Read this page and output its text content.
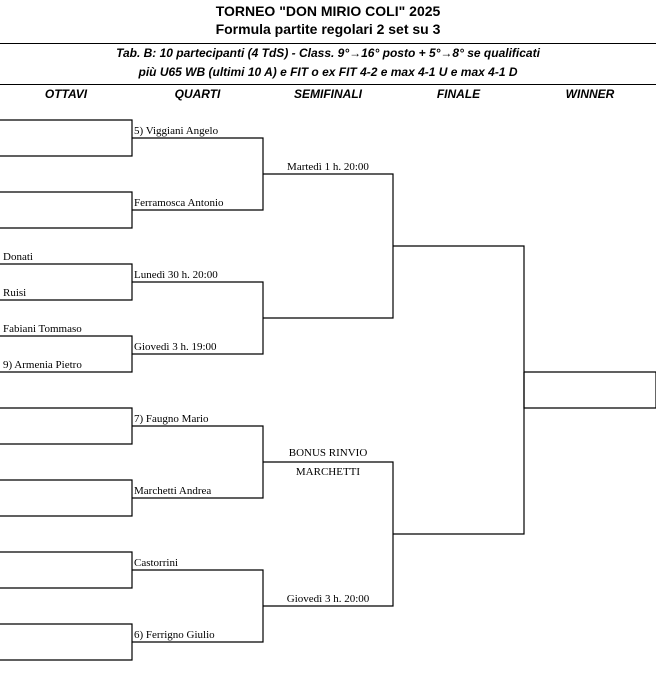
TORNEO "DON MIRIO COLI" 2025
Formula partite regolari 2 set su 3
Tab. B: 10 partecipanti (4 TdS) - Class. 9°→16° posto + 5°→8° se qualificati
più U65 WB (ultimi 10 A) e FIT o ex FIT 4-2 e max 4-1 U e max 4-1 D
OTTAVI	QUARTI	SEMIFINALI	FINALE	WINNER
Donati
Ruisi
Fabiani Tommaso
9) Armenia Pietro
5) Viggiani Angelo
Ferramosca Antonio
Lunedì 30 h. 20:00
Giovedì 3 h. 19:00
7) Faugno Mario
Marchetti Andrea
Castorrini
6) Ferrigno Giulio
Martedì 1 h. 20:00
BONUS RINVIO
MARCHETTI
Giovedì 3 h. 20:00
